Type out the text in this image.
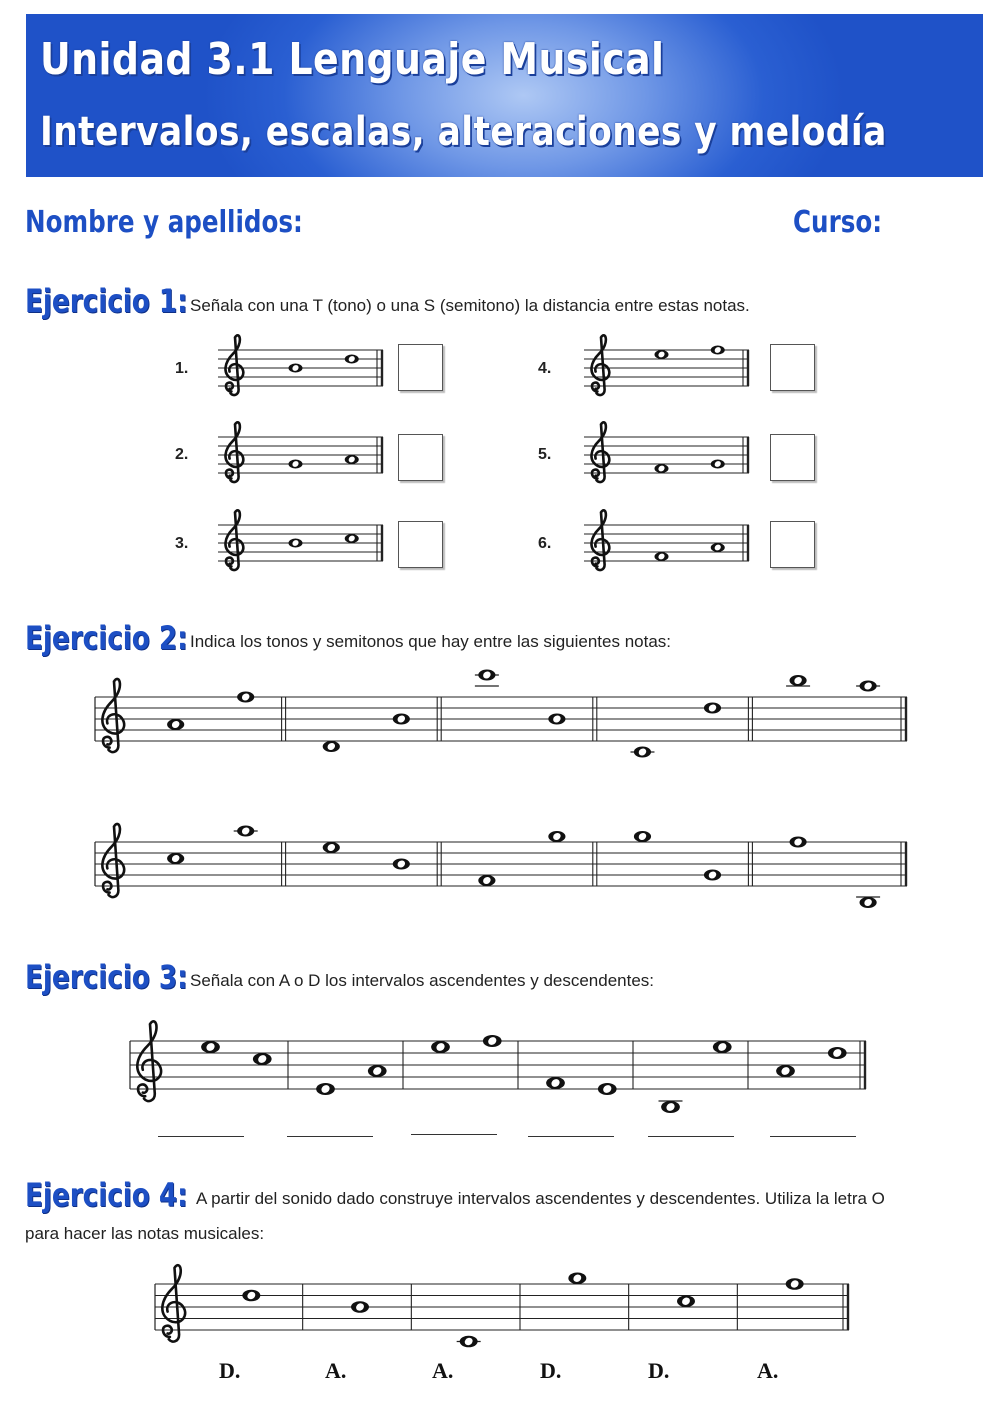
Unidad 3.1 Lenguaje Musical
Intervalos, escalas, alteraciones y melodía
Nombre y apellidos:	Curso:
Ejercicio 1: Señala con una T (tono) o una S (semitono) la distancia entre estas notas.
1.
2.
3.
4.
5.
6.
Ejercicio 2: Indica los tonos y semitonos que hay entre las siguientes notas:
Ejercicio 3: Señala con A o D los intervalos ascendentes y descendentes:
Ejercicio 4: A partir del sonido dado construye intervalos ascendentes y descendentes. Utiliza la letra O
para hacer las notas musicales:
D.	A.	A.	D.	D.	A.
